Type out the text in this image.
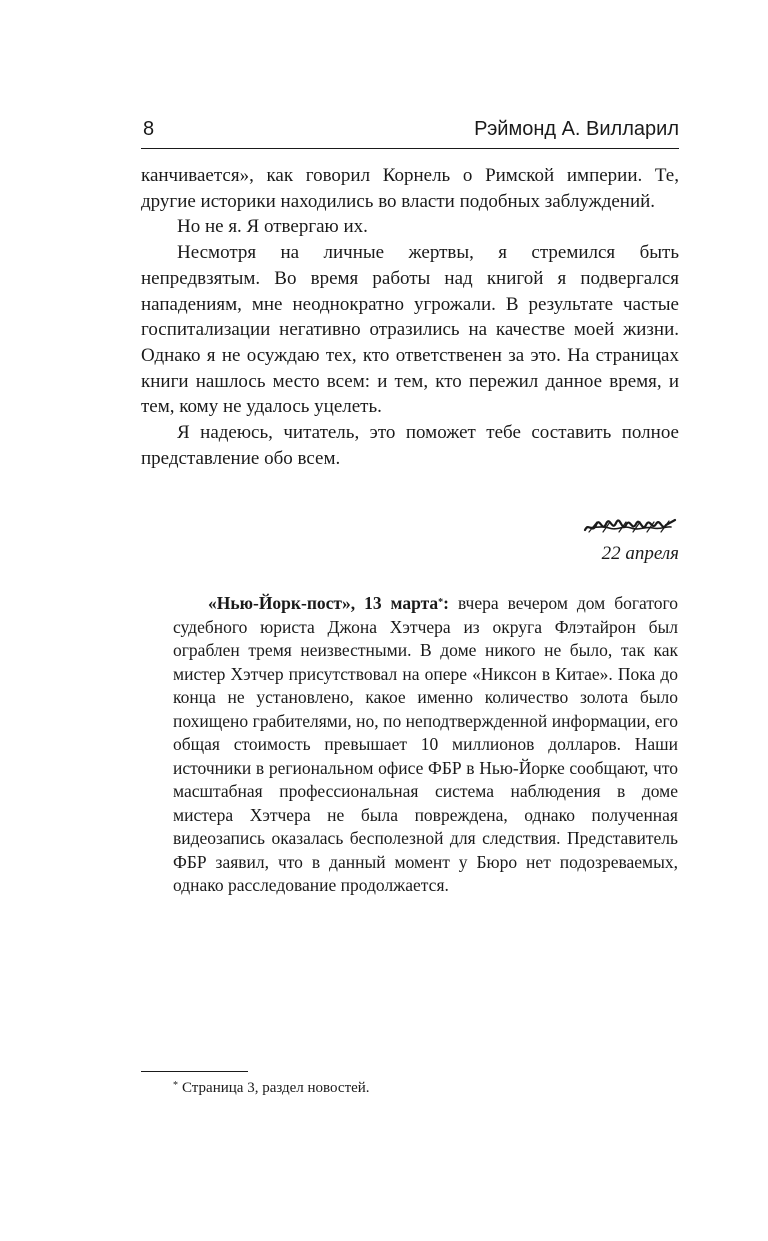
8	Рэймонд А. Вилларил

канчивается», как говорил Корнель о Римской империи. Те, другие историки находились во власти подобных заблуждений.

Но не я. Я отвергаю их.

Несмотря на личные жертвы, я стремился быть непредвзятым. Во время работы над книгой я подвергался нападениям, мне неоднократно угрожали. В результате частые госпитализации негативно отразились на качестве моей жизни. Однако я не осуждаю тех, кто ответственен за это. На страницах книги нашлось место всем: и тем, кто пережил данное время, и тем, кому не удалось уцелеть.

Я надеюсь, читатель, это поможет тебе составить полное представление обо всем.

22 апреля

«Нью-Йорк-пост», 13 марта*: вчера вечером дом богатого судебного юриста Джона Хэтчера из округа Флэтайрон был ограблен тремя неизвестными. В доме никого не было, так как мистер Хэтчер присутствовал на опере «Никсон в Китае». Пока до конца не установлено, какое именно количество золота было похищено грабителями, но, по неподтвержденной информации, его общая стоимость превышает 10 миллионов долларов. Наши источники в региональном офисе ФБР в Нью-Йорке сообщают, что масштабная профессиональная система наблюдения в доме мистера Хэтчера не была повреждена, однако полученная видеозапись оказалась бесполезной для следствия. Представитель ФБР заявил, что в данный момент у Бюро нет подозреваемых, однако расследование продолжается.

* Страница 3, раздел новостей.
